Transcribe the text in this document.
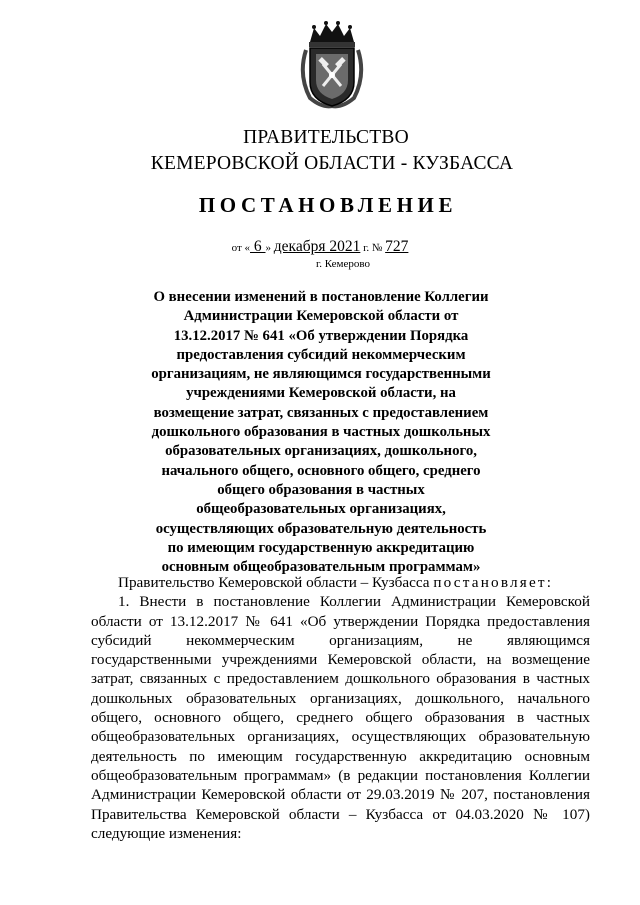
ПРАВИТЕЛЬСТВО
КЕМЕРОВСКОЙ ОБЛАСТИ - КУЗБАССА
ПОСТАНОВЛЕНИЕ
от « 6 » декабря 2021 г. № 727
г. Кемерово
О внесении изменений в постановление Коллегии Администрации Кемеровской области от 13.12.2017 № 641 «Об утверждении Порядка предоставления субсидий некоммерческим организациям, не являющимся государственными учреждениями Кемеровской области, на возмещение затрат, связанных с предоставлением дошкольного образования в частных дошкольных образовательных организациях, дошкольного, начального общего, основного общего, среднего общего образования в частных общеобразовательных организациях, осуществляющих образовательную деятельность по имеющим государственную аккредитацию основным общеобразовательным программам»

Правительство Кемеровской области – Кузбасса постановляет:

1. Внести в постановление Коллегии Администрации Кемеровской области от 13.12.2017 № 641 «Об утверждении Порядка предоставления субсидий некоммерческим организациям, не являющимся государственными учреждениями Кемеровской области, на возмещение затрат, связанных с предоставлением дошкольного образования в частных дошкольных образовательных организациях, дошкольного, начального общего, основного общего, среднего общего образования в частных общеобразовательных организациях, осуществляющих образовательную деятельность по имеющим государственную аккредитацию основным общеобразовательным программам» (в редакции постановления Коллегии Администрации Кемеровской области от 29.03.2019 № 207, постановления Правительства Кемеровской области – Кузбасса от 04.03.2020 № 107) следующие изменения:
